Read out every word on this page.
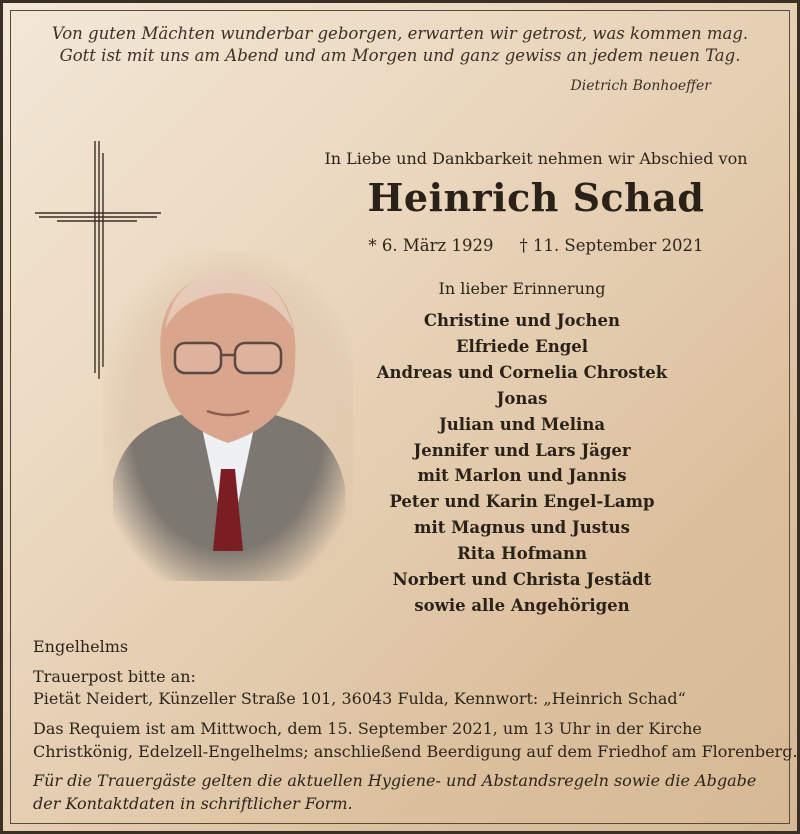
Von guten Mächten wunderbar geborgen, erwarten wir getrost, was kommen mag.
Gott ist mit uns am Abend und am Morgen und ganz gewiss an jedem neuen Tag.
Dietrich Bonhoeffer
In Liebe und Dankbarkeit nehmen wir Abschied von
Heinrich Schad
* 6. März 1929 † 11. September 2021
In lieber Erinnerung
Christine und Jochen
Elfriede Engel
Andreas und Cornelia Chrostek
Jonas
Julian und Melina
Jennifer und Lars Jäger
mit Marlon und Jannis
Peter und Karin Engel-Lamp
mit Magnus und Justus
Rita Hofmann
Norbert und Christa Jestädt
sowie alle Angehörigen
Engelhelms
Trauerpost bitte an:
Pietät Neidert, Künzeller Straße 101, 36043 Fulda, Kennwort: „Heinrich Schad“
Das Requiem ist am Mittwoch, dem 15. September 2021, um 13 Uhr in der Kirche
Christkönig, Edelzell-Engelhelms; anschließend Beerdigung auf dem Friedhof am Florenberg.
Für die Trauergäste gelten die aktuellen Hygiene- und Abstandsregeln sowie die Abgabe
der Kontaktdaten in schriftlicher Form.
